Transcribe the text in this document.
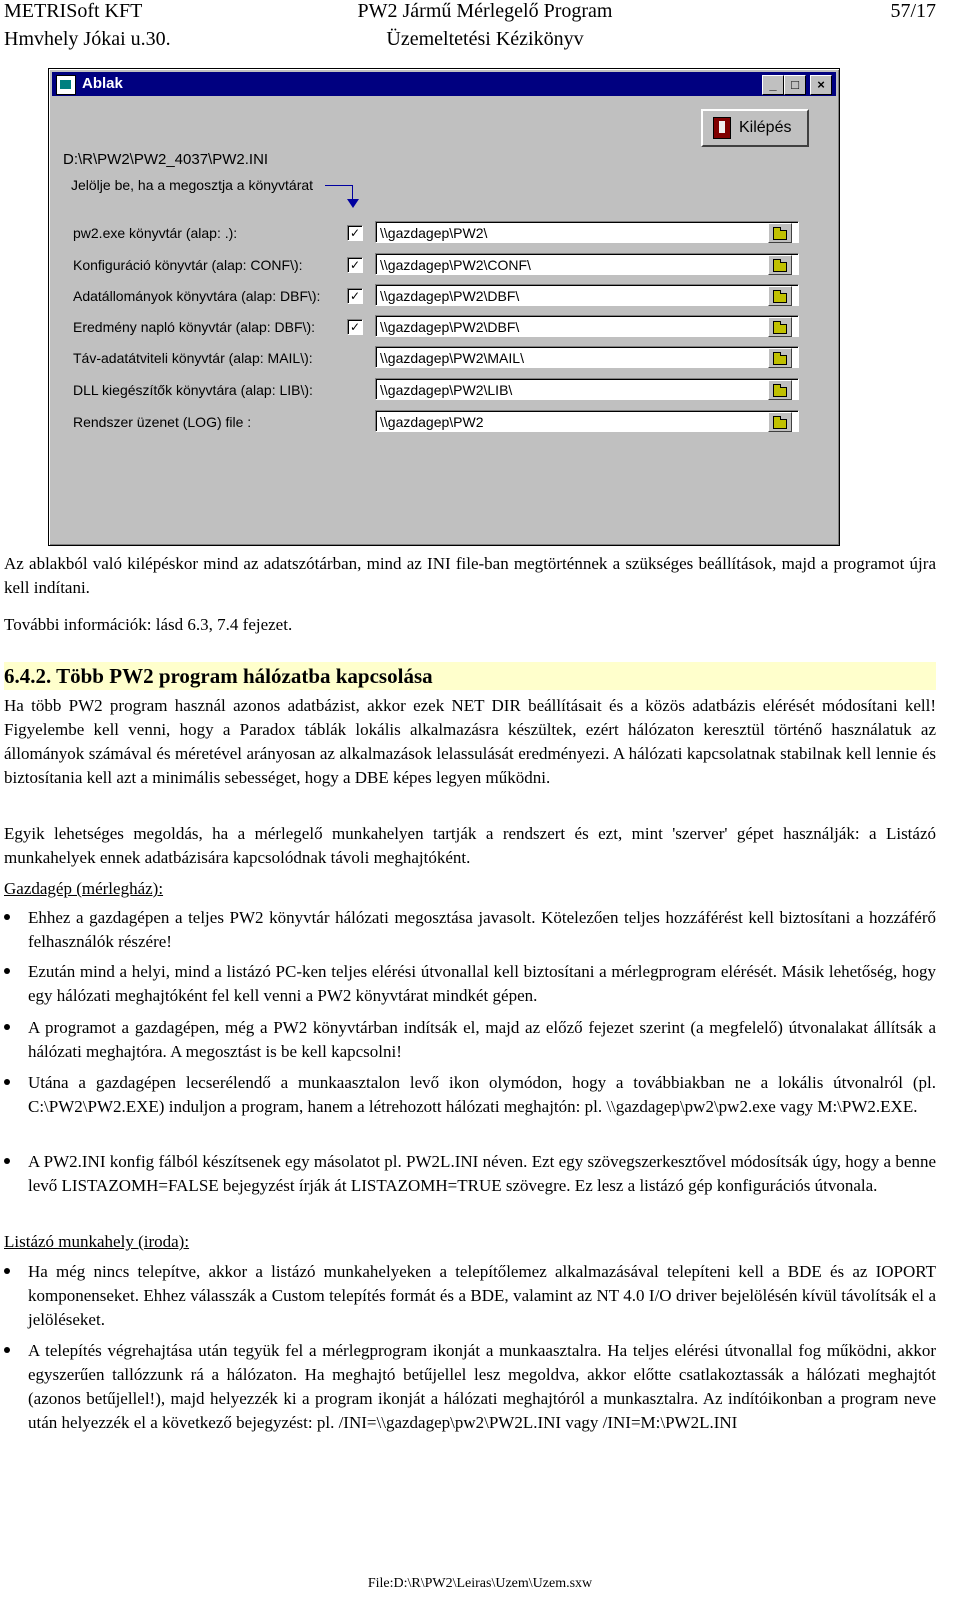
METRISoft KFT
Hmvhely Jókai u.30.
PW2 Jármű Mérlegelő Program
Üzemeltetési Kézikönyv
57/17
Ablak	_	□	×
Kilépés
D:\R\PW2\PW2_4037\PW2.INI
Jelölje be, ha a megosztja a könyvtárat
pw2.exe könyvtár (alap: .):	✓	\\gazdagep\PW2\
Konfiguráció könyvtár (alap: CONF\):	✓	\\gazdagep\PW2\CONF\
Adatállományok könyvtára (alap: DBF\): ✓	\\gazdagep\PW2\DBF\
Eredmény napló könyvtár (alap: DBF\):	✓	\\gazdagep\PW2\DBF\
Táv-adatátviteli könyvtár (alap: MAIL\):	\\gazdagep\PW2\MAIL\
DLL kiegészítők könyvtára (alap: LIB\):	\\gazdagep\PW2\LIB\
Rendszer üzenet (LOG) file :	\\gazdagep\PW2
Az ablakból való kilépéskor mind az adatszótárban, mind az INI file-ban megtörténnek a szükséges beállítások, majd a programot újra kell indítani.
További információk: lásd 6.3, 7.4 fejezet.
6.4.2. Több PW2 program hálózatba kapcsolása
Ha több PW2 program használ azonos adatbázist, akkor ezek NET DIR beállításait és a közös adatbázis elérését módosítani kell! Figyelembe kell venni, hogy a Paradox táblák lokális alkalmazásra készültek, ezért hálózaton keresztül történő használatuk az állományok számával és méretével arányosan az alkalmazások lelassulását eredményezi. A hálózati kapcsolatnak stabilnak kell lennie és biztosítania kell azt a minimális sebességet, hogy a DBE képes legyen működni.
Egyik lehetséges megoldás, ha a mérlegelő munkahelyen tartják a rendszert és ezt, mint 'szerver' gépet használják: a Listázó munkahelyek ennek adatbázisára kapcsolódnak távoli meghajtóként.
Gazdagép (mérlegház):
Ehhez a gazdagépen a teljes PW2 könyvtár hálózati megosztása javasolt. Kötelezően teljes hozzáférést kell biztosítani a hozzáférő felhasználók részére!
Ezután mind a helyi, mind a listázó PC-ken teljes elérési útvonallal kell biztosítani a mérlegprogram elérését. Másik lehetőség, hogy egy hálózati meghajtóként fel kell venni a PW2 könyvtárat mindkét gépen.
A programot a gazdagépen, még a PW2 könyvtárban indítsák el, majd az előző fejezet szerint (a megfelelő) útvonalakat állítsák a hálózati meghajtóra. A megosztást is be kell kapcsolni!
Utána a gazdagépen lecserélendő a munkaasztalon levő ikon olymódon, hogy a továbbiakban ne a lokális útvonalról (pl. C:\PW2\PW2.EXE) induljon a program, hanem a létrehozott hálózati meghajtón: pl. \\gazdagep\pw2\pw2.exe vagy M:\PW2.EXE.
A PW2.INI konfig fálból készítsenek egy másolatot pl. PW2L.INI néven. Ezt egy szövegszerkesztővel módosítsák úgy, hogy a benne levő LISTAZOMH=FALSE bejegyzést írják át LISTAZOMH=TRUE szövegre. Ez lesz a listázó gép konfigurációs útvonala.
Listázó munkahely (iroda):
Ha még nincs telepítve, akkor a listázó munkahelyeken a telepítőlemez alkalmazásával telepíteni kell a BDE és az IOPORT komponenseket. Ehhez válasszák a Custom telepítés formát és a BDE, valamint az NT 4.0 I/O driver bejelölésén kívül távolítsák el a jelöléseket.
A telepítés végrehajtása után tegyük fel a mérlegprogram ikonját a munkaasztalra. Ha teljes elérési útvonallal fog működni, akkor egyszerűen tallózzunk rá a hálózaton. Ha meghajtó betűjellel lesz megoldva, akkor előtte csatlakoztassák a hálózati meghajtót (azonos betűjellel!), majd helyezzék ki a program ikonját a hálózati meghajtóról a munkasztalra. Az indítóikonban a program neve után helyezzék el a következő bejegyzést: pl. /INI=\\gazdagep\pw2\PW2L.INI vagy /INI=M:\PW2L.INI
File:D:\R\PW2\Leiras\Uzem\Uzem.sxw
